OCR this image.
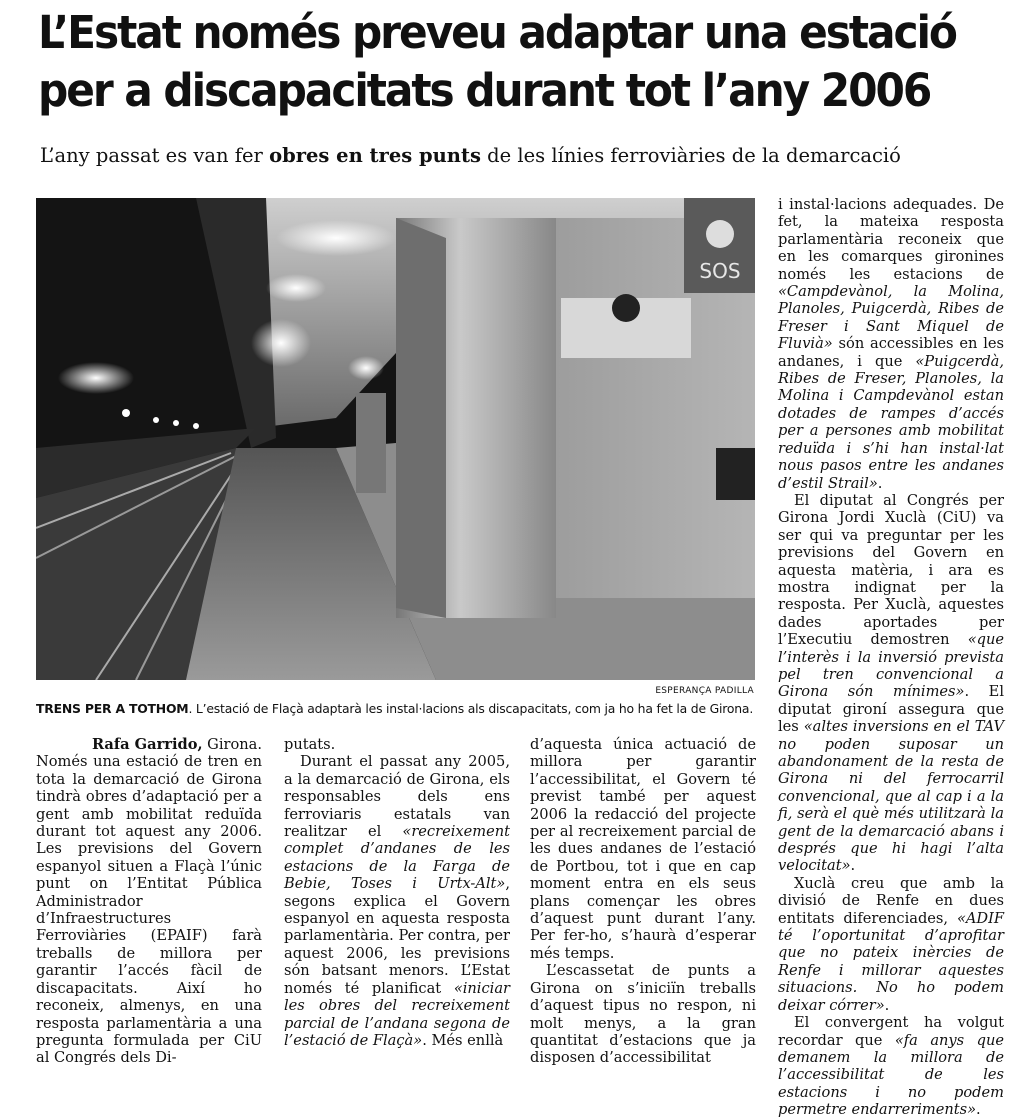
L’Estat només preveu adaptar una estació
per a discapacitats durant tot l’any 2006

L’any passat es van fer obres en tres punts de les línies ferroviàries de la demarcació

SOS
ESPERANÇA PADILLA
TRENS PER A TOTHOM. L’estació de Flaçà adaptarà les instal·lacions als discapacitats, com ja ho ha fet la de Girona.

Rafa Garrido, Girona.

Només una estació de tren en tota la demarcació de Girona tindrà obres d’adaptació per a gent amb mobilitat reduïda durant tot aquest any 2006. Les previsions del Govern espanyol situen a Flaçà l’únic punt on l’Entitat Pública Administrador d’Infraestructures Ferroviàries (EPAIF) farà treballs de millora per garantir l’accés fàcil de discapacitats. Així ho reconeix, almenys, en una resposta parlamentària a una pregunta formulada per CiU al Congrés dels Di-

putats.

Durant el passat any 2005, a la demarcació de Girona, els responsables dels ens ferroviaris estatals van realitzar el «recreixement complet d’andanes de les estacions de la Farga de Bebie, Toses i Urtx-Alt», segons explica el Govern espanyol en aquesta resposta parlamentària. Per contra, per aquest 2006, les previsions són batsant menors. L’Estat només té planificat «iniciar les obres del recreixement parcial de l’andana segona de l’estació de Flaçà». Més enllà

d’aquesta única actuació de millora per garantir l’accessibilitat, el Govern té previst també per aquest 2006 la redacció del projecte per al recreixement parcial de les dues andanes de l’estació de Portbou, tot i que en cap moment entra en els seus plans començar les obres d’aquest punt durant l’any. Per fer-ho, s’haurà d’esperar més temps.

L’escassetat de punts a Girona on s’iniciïn treballs d’aquest tipus no respon, ni molt menys, a la gran quantitat d’estacions que ja disposen d’accessibilitat

i instal·lacions adequades. De fet, la mateixa resposta parlamentària reconeix que en les comarques gironines només les estacions de «Campdevànol, la Molina, Planoles, Puigcerdà, Ribes de Freser i Sant Miquel de Fluvià» són accessibles en les andanes, i que «Puigcerdà, Ribes de Freser, Planoles, la Molina i Campdevànol estan dotades de rampes d’accés per a persones amb mobilitat reduïda i s’hi han instal·lat nous pasos entre les andanes d’estil Strail».

El diputat al Congrés per Girona Jordi Xuclà (CiU) va ser qui va preguntar per les previsions del Govern en aquesta matèria, i ara es mostra indignat per la resposta. Per Xuclà, aquestes dades aportades per l’Executiu demostren «que l’interès i la inversió prevista pel tren convencional a Girona són mínimes». El diputat gironí assegura que les «altes inversions en el TAV no poden suposar un abandonament de la resta de Girona ni del ferrocarril convencional, que al cap i a la fi, serà el què més utilitzarà la gent de la demarcació abans i després que hi hagi l’alta velocitat».

Xuclà creu que amb la divisió de Renfe en dues entitats diferenciades, «ADIF té l’oportunitat d’aprofitar que no pateix inèrcies de Renfe i millorar aquestes situacions. No ho podem deixar córrer».

El convergent ha volgut recordar que «fa anys que demanem la millora de l’accessibilitat de les estacions i no podem permetre endarreriments».
